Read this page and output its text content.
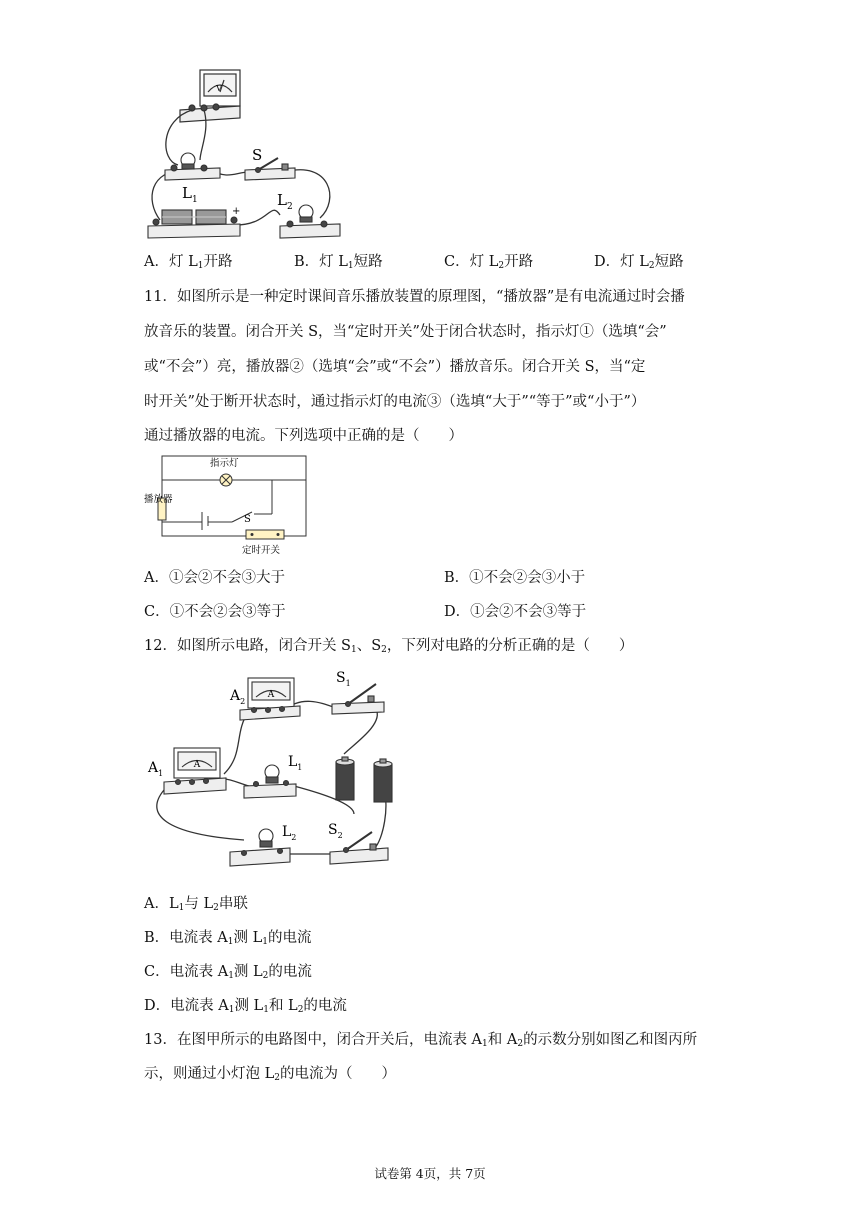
V
$L_1$
S
+
$L_2$
A．灯 $L_1$开路	B．灯 $L_1$短路	C．灯 $L_2$开路	D．灯 $L_2$短路
11．如图所示是一种定时课间音乐播放装置的原理图，“播放器”是有电流通过时会播
放音乐的装置。闭合开关 S，当“定时开关”处于闭合状态时，指示灯①（选填“会”
或“不会”）亮，播放器②（选填“会”或“不会”）播放音乐。闭合开关 S，当“定
时开关”处于断开状态时，通过指示灯的电流③（选填“大于”“等于”或“小于”）
通过播放器的电流。下列选项中正确的是（　　）
指示灯
播放器
S
定时开关
A．①会②不会③大于	B．①不会②会③小于
C．①不会②会③等于	D．①会②不会③等于
12．如图所示电路，闭合开关 $S_1$、$S_2$，下列对电路的分析正确的是（　　）
A
$A_2$
$S_1$
A
$A_1$
$L_1$
$L_2$ $S_2$
A．$L_1$与 $L_2$串联
B．电流表 $A_1$测 $L_1$的电流
C．电流表 $A_1$测 $L_2$的电流
D．电流表 $A_1$测 $L_1$和 $L_2$的电流
13．在图甲所示的电路图中，闭合开关后，电流表 $A_1$和 $A_2$的示数分别如图乙和图丙所
示，则通过小灯泡 $L_2$的电流为（　　）
试卷第 4页，共 7页
